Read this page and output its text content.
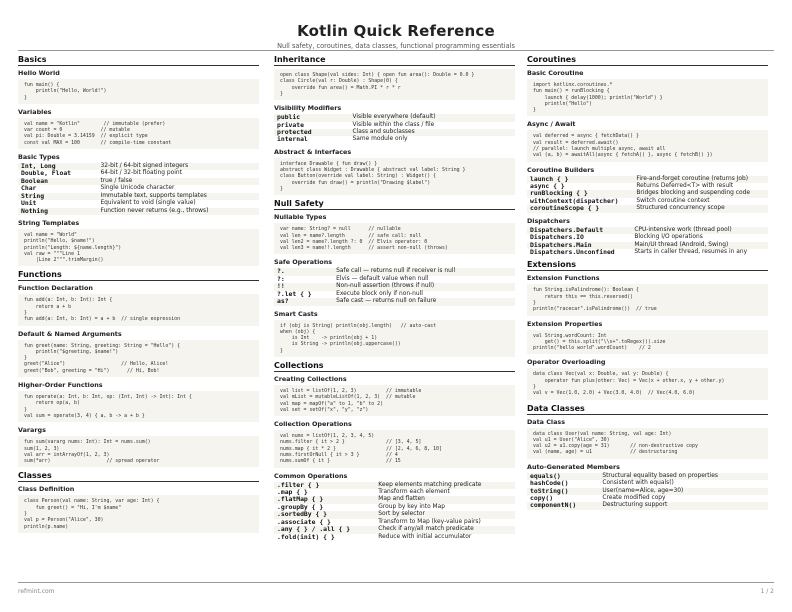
Kotlin Quick Reference
Null safety, coroutines, data classes, functional programming essentials
Basics
Hello World
fun main() {
println("Hello, World!")
}
Variables
val name = "Kotlin"        // immutable (prefer)
var count = 0             // mutable
val pi: Double = 3.14159  // explicit type
const val MAX = 100       // compile-time constant
Basic Types
Int, Long	32-bit / 64-bit signed integers
Double, Float	64-bit / 32-bit floating point
Boolean	true / false
Char	Single Unicode character
String	Immutable text, supports templates
Unit	Equivalent to void (single value)
Nothing	Function never returns (e.g., throws)
String Templates
val name = "World"
println("Hello, $name!")
println("Length: ${name.length}")
val raw = """Line 1
|Line 2""".trimMargin()
Functions
Function Declaration
fun add(a: Int, b: Int): Int {
return a + b
}
fun add(a: Int, b: Int) = a + b  // single expression
Default & Named Arguments
fun greet(name: String, greeting: String = "Hello") {
println("$greeting, $name!")
}
greet("Alice")                   // Hello, Alice!
greet("Bob", greeting = "Hi")      // Hi, Bob!
Higher-Order Functions
fun operate(a: Int, b: Int, op: (Int, Int) -> Int): Int {
return op(a, b)
}
val sum = operate(3, 4) { a, b -> a + b }
Varargs
fun sum(vararg nums: Int): Int = nums.sum()
sum(1, 2, 3)
val arr = intArrayOf(1, 2, 3)
sum(*arr)                   // spread operator
Classes
Class Definition
class Person(val name: String, var age: Int) {
fun greet() = "Hi, I'm $name"
}
val p = Person("Alice", 30)
println(p.name)
Inheritance
open class Shape(val sides: Int) { open fun area(): Double = 0.0 }
class Circle(val r: Double) : Shape(0) {
override fun area() = Math.PI * r * r
}
Visibility Modifiers
public	Visible everywhere (default)
private	Visible within the class / file
protected	Class and subclasses
internal	Same module only
Abstract & Interfaces
interface Drawable { fun draw() }
abstract class Widget : Drawable { abstract val label: String }
class Button(override val label: String) : Widget() {
override fun draw() = println("Drawing $label")
}
Null Safety
Nullable Types
var name: String? = null      // nullable
val len = name?.length        // safe call: null
val len2 = name?.length ?: 0  // Elvis operator: 0
val len3 = name!!.length      // assert non-null (throws)
Safe Operations
?.	Safe call — returns null if receiver is null
?:	Elvis — default value when null
!!	Non-null assertion (throws if null)
?.let { }	Execute block only if non-null
as?	Safe cast — returns null on failure
Smart Casts
if (obj is String) println(obj.length)   // auto-cast
when (obj) {
is Int    -> println(obj + 1)
is String -> println(obj.uppercase())
}
Collections
Creating Collections
val list = listOf(1, 2, 3)          // immutable
val mList = mutableListOf(1, 2, 3)  // mutable
val map = mapOf("a" to 1, "b" to 2)
val set = setOf("x", "y", "z")
Collection Operations
val nums = listOf(1, 2, 3, 4, 5)
nums.filter { it > 2 }              // [3, 4, 5]
nums.map { it * 2 }                 // [2, 4, 6, 8, 10]
nums.firstOrNull { it > 3 }         // 4
nums.sumOf { it }                   // 15
Common Operations
.filter { }	Keep elements matching predicate
.map { }	Transform each element
.flatMap { }	Map and flatten
.groupBy { }	Group by key into Map
.sortedBy { }	Sort by selector
.associate { }	Transform to Map (key-value pairs)
.any { } / .all { }	Check if any/all match predicate
.fold(init) { }	Reduce with initial accumulator
Coroutines
Basic Coroutine
import kotlinx.coroutines.*
fun main() = runBlocking {
launch { delay(1000); println("World") }
println("Hello")
}
Async / Await
val deferred = async { fetchData() }
val result = deferred.await()
// parallel: launch multiple async, await all
val (a, b) = awaitAll(async { fetchA() }, async { fetchB() })
Coroutine Builders
launch { }	Fire-and-forget coroutine (returns Job)
async { }	Returns Deferred<T> with result
runBlocking { }	Bridges blocking and suspending code
withContext(dispatcher)	Switch coroutine context
coroutineScope { }	Structured concurrency scope
Dispatchers
Dispatchers.Default	CPU-intensive work (thread pool)
Dispatchers.IO	Blocking I/O operations
Dispatchers.Main	Main/UI thread (Android, Swing)
Dispatchers.Unconfined	Starts in caller thread, resumes in any
Extensions
Extension Functions
fun String.isPalindrome(): Boolean {
return this == this.reversed()
}
println("racecar".isPalindrome())  // true
Extension Properties
val String.wordCount: Int
get() = this.split("\\s+".toRegex()).size
println("hello world".wordCount)    // 2
Operator Overloading
data class Vec(val x: Double, val y: Double) {
operator fun plus(other: Vec) = Vec(x + other.x, y + other.y)
}
val v = Vec(1.0, 2.0) + Vec(3.0, 4.0)  // Vec(4.0, 6.0)
Data Classes
Data Class
data class User(val name: String, val age: Int)
val u1 = User("Alice", 30)
val u2 = u1.copy(age = 31)       // non-destructive copy
val (name, age) = u1             // destructuring
Auto-Generated Members
equals()	Structural equality based on properties
hashCode()	Consistent with equals()
toString()	User(name=Alice, age=30)
copy()	Create modified copy
componentN()	Destructuring support
refmint.com	1 / 2
